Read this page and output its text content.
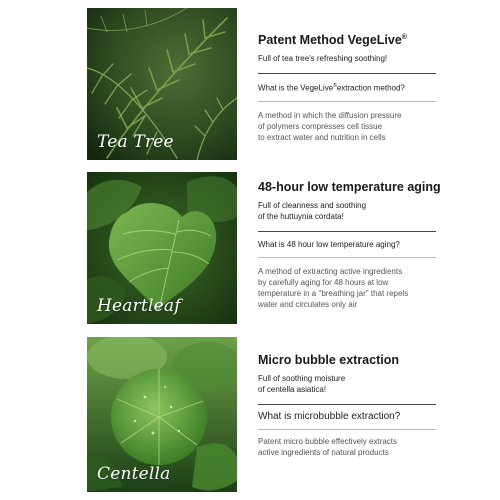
Tea Tree
Patent Method VegeLive®
Full of tea tree's refreshing soothing!
What is the VegeLive®extraction method?
A method in which the diffusion pressure
of polymers compresses cell tissue
to extract water and nutrition in cells
Heartleaf
48-hour low temperature aging
Full of cleanness and soothing
of the huttuynia cordata!
What is 48 hour low temperature aging?
A method of extracting active ingredients
by carefully aging for 48 hours at low
temperature in a "breathing jar" that repels
water and circulates only air
Centella
Micro bubble extraction
Full of soothing moisture
of centella asiatica!
What is microbubble extraction?
Patent micro bubble effectively extracts
active ingredients of natural products
